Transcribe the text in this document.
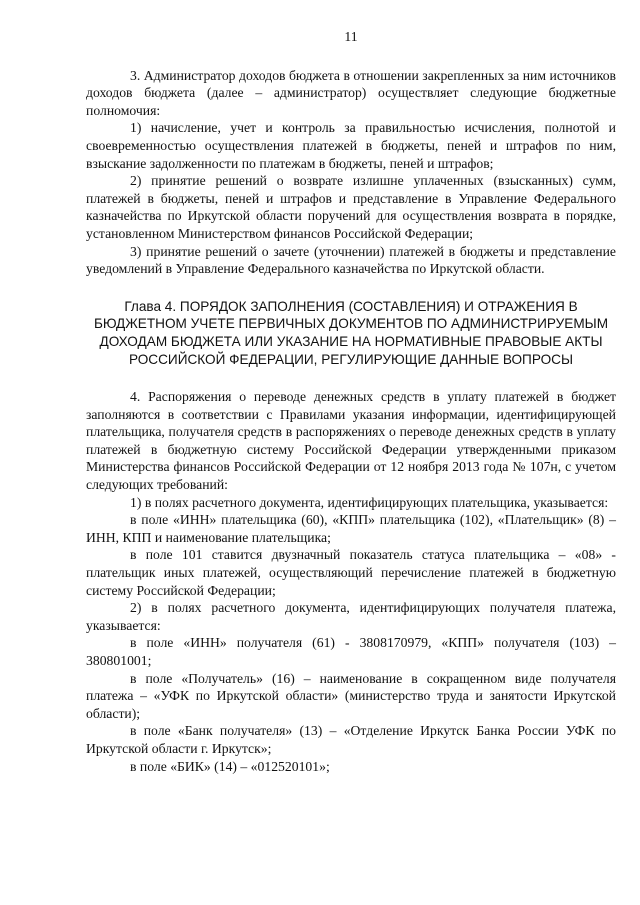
11

3. Администратор доходов бюджета в отношении закрепленных за ним источников доходов бюджета (далее – администратор) осуществляет следующие бюджетные полномочия:

1) начисление, учет и контроль за правильностью исчисления, полнотой и своевременностью осуществления платежей в бюджеты, пеней и штрафов по ним, взыскание задолженности по платежам в бюджеты, пеней и штрафов;

2) принятие решений о возврате излишне уплаченных (взысканных) сумм, платежей в бюджеты, пеней и штрафов и представление в Управление Федерального казначейства по Иркутской области поручений для осуществления возврата в порядке, установленном Министерством финансов Российской Федерации;

3) принятие решений о зачете (уточнении) платежей в бюджеты и представление уведомлений в Управление Федерального казначейства по Иркутской области.

Глава 4. ПОРЯДОК ЗАПОЛНЕНИЯ (СОСТАВЛЕНИЯ) И ОТРАЖЕНИЯ В БЮДЖЕТНОМ УЧЕТЕ ПЕРВИЧНЫХ ДОКУМЕНТОВ ПО АДМИНИСТРИРУЕМЫМ ДОХОДАМ БЮДЖЕТА ИЛИ УКАЗАНИЕ НА НОРМАТИВНЫЕ ПРАВОВЫЕ АКТЫ РОССИЙСКОЙ ФЕДЕРАЦИИ, РЕГУЛИРУЮЩИЕ ДАННЫЕ ВОПРОСЫ

4. Распоряжения о переводе денежных средств в уплату платежей в бюджет заполняются в соответствии с Правилами указания информации, идентифицирующей плательщика, получателя средств в распоряжениях о переводе денежных средств в уплату платежей в бюджетную систему Российской Федерации утвержденными приказом Министерства финансов Российской Федерации от 12 ноября 2013 года № 107н, с учетом следующих требований:

1) в полях расчетного документа, идентифицирующих плательщика, указывается:

в поле «ИНН» плательщика (60), «КПП» плательщика (102), «Плательщик» (8) – ИНН, КПП и наименование плательщика;

в поле 101 ставится двузначный показатель статуса плательщика – «08» - плательщик иных платежей, осуществляющий перечисление платежей в бюджетную систему Российской Федерации;

2) в полях расчетного документа, идентифицирующих получателя платежа, указывается:

в поле «ИНН» получателя (61) - 3808170979, «КПП» получателя (103) – 380801001;

в поле «Получатель» (16) – наименование в сокращенном виде получателя платежа – «УФК по Иркутской области» (министерство труда и занятости Иркутской области);

в поле «Банк получателя» (13) – «Отделение Иркутск Банка России УФК по Иркутской области г. Иркутск»;

в поле «БИК» (14) – «012520101»;
